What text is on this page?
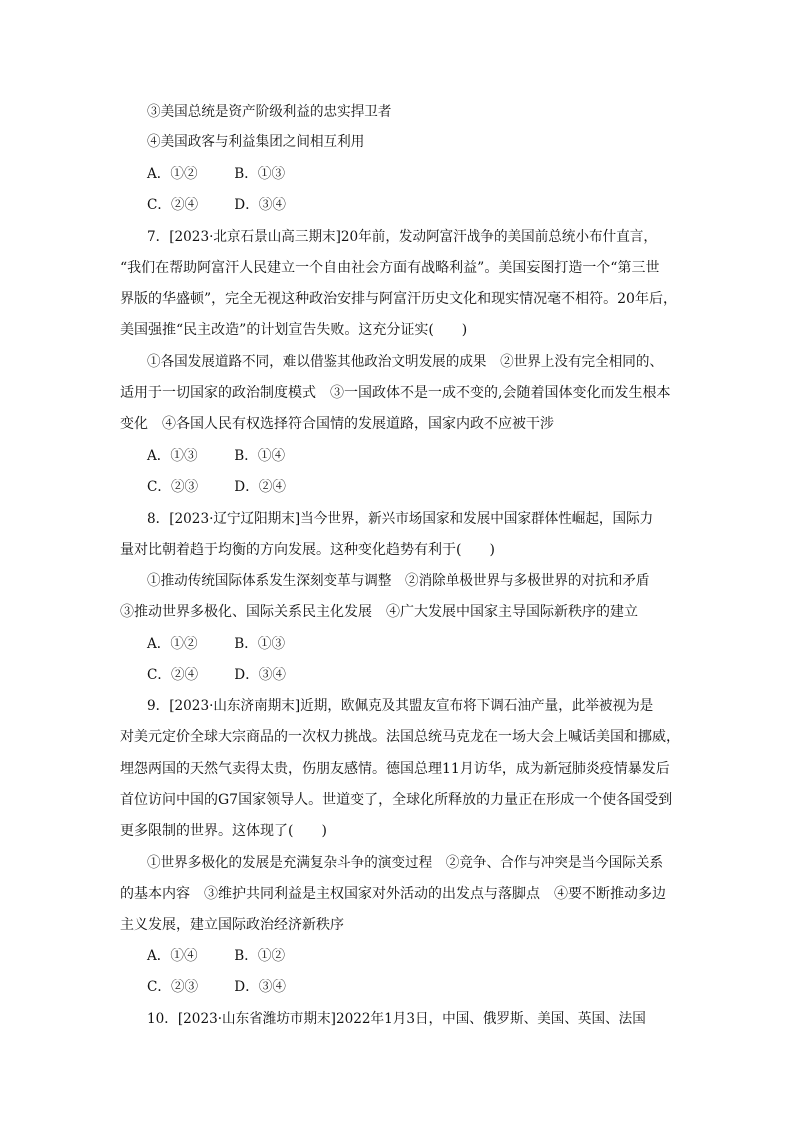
③美国总统是资产阶级利益的忠实捍卫者
④美国政客与利益集团之间相互利用
A．①②	B．①③
C．②④	D．③④
7．[2023·北京石景山高三期末]20年前，发动阿富汗战争的美国前总统小布什直言，
“我们在帮助阿富汗人民建立一个自由社会方面有战略利益”。美国妄图打造一个“第三世
界版的华盛顿”，完全无视这种政治安排与阿富汗历史文化和现实情况毫不相符。20年后，
美国强推“民主改造”的计划宣告失败。这充分证实(　　)
①各国发展道路不同，难以借鉴其他政治文明发展的成果　②世界上没有完全相同的、
适用于一切国家的政治制度模式　③一国政体不是一成不变的,会随着国体变化而发生根本
变化　④各国人民有权选择符合国情的发展道路，国家内政不应被干涉
A．①③	B．①④
C．②③	D．②④
8．[2023·辽宁辽阳期末]当今世界，新兴市场国家和发展中国家群体性崛起，国际力
量对比朝着趋于均衡的方向发展。这种变化趋势有利于(　　)
①推动传统国际体系发生深刻变革与调整　②消除单极世界与多极世界的对抗和矛盾
③推动世界多极化、国际关系民主化发展　④广大发展中国家主导国际新秩序的建立
A．①②	B．①③
C．②④	D．③④
9．[2023·山东济南期末]近期，欧佩克及其盟友宣布将下调石油产量，此举被视为是
对美元定价全球大宗商品的一次权力挑战。法国总统马克龙在一场大会上喊话美国和挪威，
埋怨两国的天然气卖得太贵，伤朋友感情。德国总理11月访华，成为新冠肺炎疫情暴发后
首位访问中国的G7国家领导人。世道变了，全球化所释放的力量正在形成一个使各国受到
更多限制的世界。这体现了(　　)
①世界多极化的发展是充满复杂斗争的演变过程　②竞争、合作与冲突是当今国际关系
的基本内容　③维护共同利益是主权国家对外活动的出发点与落脚点　④要不断推动多边
主义发展，建立国际政治经济新秩序
A．①④	B．①②
C．②③	D．③④
10．[2023·山东省潍坊市期末]2022年1月3日，中国、俄罗斯、美国、英国、法国
